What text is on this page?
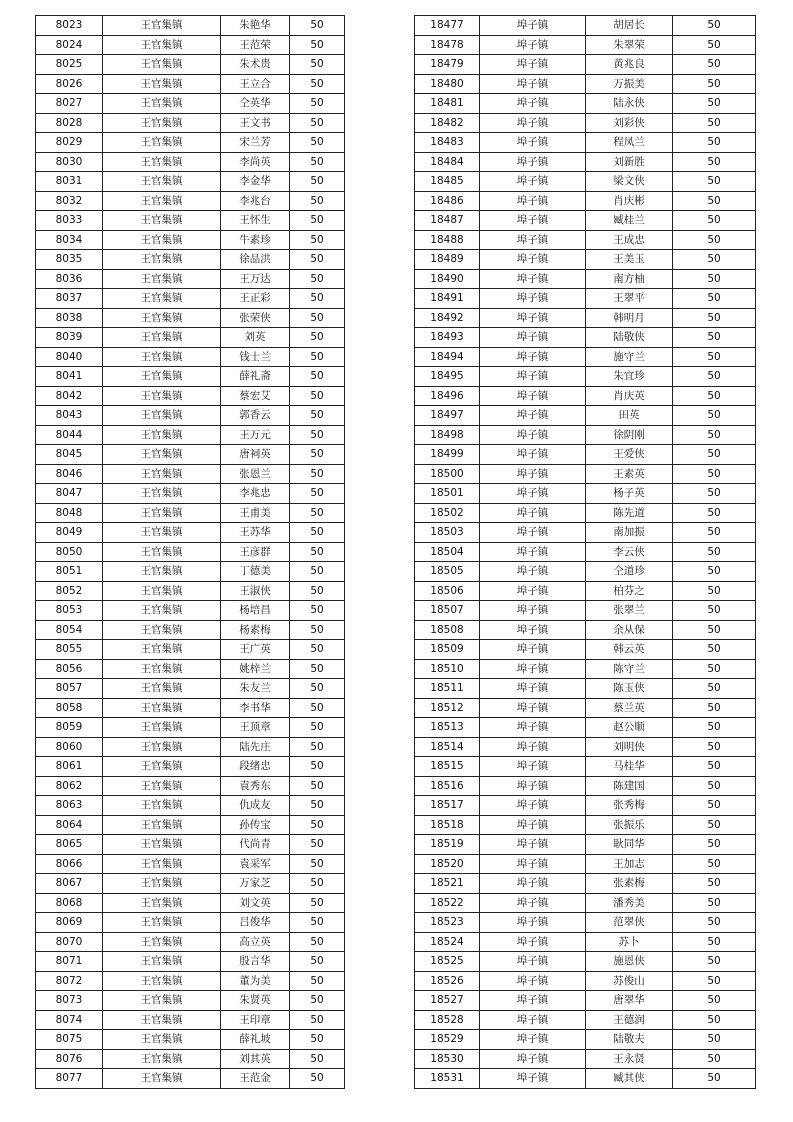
8023	王官集镇	朱艳华	50
8024	王官集镇	王范荣	50
8025	王官集镇	朱术贵	50
8026	王官集镇	王立合	50
8027	王官集镇	仝英华	50
8028	王官集镇	王文书	50
8029	王官集镇	宋兰芳	50
8030	王官集镇	李尚英	50
8031	王官集镇	李金华	50
8032	王官集镇	李兆台	50
8033	王官集镇	王怀生	50
8034	王官集镇	牛素珍	50
8035	王官集镇	徐品洪	50
8036	王官集镇	王万达	50
8037	王官集镇	王正彩	50
8038	王官集镇	张荣侠	50
8039	王官集镇	刘英	50
8040	王官集镇	钱士兰	50
8041	王官集镇	薛礼斋	50
8042	王官集镇	蔡宏艾	50
8043	王官集镇	郭香云	50
8044	王官集镇	王万元	50
8045	王官集镇	唐祠英	50
8046	王官集镇	张恩兰	50
8047	王官集镇	李兆忠	50
8048	王官集镇	王甫美	50
8049	王官集镇	王苏华	50
8050	王官集镇	王彦群	50
8051	王官集镇	丁德美	50
8052	王官集镇	王淑侠	50
8053	王官集镇	杨培昌	50
8054	王官集镇	杨素梅	50
8055	王官集镇	王广英	50
8056	王官集镇	姚梓兰	50
8057	王官集镇	朱友兰	50
8058	王官集镇	李书华	50
8059	王官集镇	王顶章	50
8060	王官集镇	陆先庄	50
8061	王官集镇	段绪忠	50
8062	王官集镇	袁秀东	50
8063	王官集镇	仇成友	50
8064	王官集镇	孙传宝	50
8065	王官集镇	代尚青	50
8066	王官集镇	袁采军	50
8067	王官集镇	万家芝	50
8068	王官集镇	刘文英	50
8069	王官集镇	吕俊华	50
8070	王官集镇	高立英	50
8071	王官集镇	殷言华	50
8072	王官集镇	董为美	50
8073	王官集镇	朱贤英	50
8074	王官集镇	王印章	50
8075	王官集镇	薛礼坡	50
8076	王官集镇	刘其英	50
8077	王官集镇	王范金	50
18477	埠子镇	胡居长	50
18478	埠子镇	朱翠荣	50
18479	埠子镇	黄兆良	50
18480	埠子镇	万振美	50
18481	埠子镇	陆永侠	50
18482	埠子镇	刘彩侠	50
18483	埠子镇	程凤兰	50
18484	埠子镇	刘新胜	50
18485	埠子镇	梁文侠	50
18486	埠子镇	肖庆彬	50
18487	埠子镇	臧桂兰	50
18488	埠子镇	王成忠	50
18489	埠子镇	王美玉	50
18490	埠子镇	南方柚	50
18491	埠子镇	王翠平	50
18492	埠子镇	韩明月	50
18493	埠子镇	陆敬侠	50
18494	埠子镇	施守兰	50
18495	埠子镇	朱宜珍	50
18496	埠子镇	肖庆英	50
18497	埠子镇	田英	50
18498	埠子镇	徐阴刚	50
18499	埠子镇	王爱侠	50
18500	埠子镇	王素英	50
18501	埠子镇	杨子英	50
18502	埠子镇	陈先道	50
18503	埠子镇	南加振	50
18504	埠子镇	李云侠	50
18505	埠子镇	仝道珍	50
18506	埠子镇	柏芬之	50
18507	埠子镇	张翠兰	50
18508	埠子镇	余从保	50
18509	埠子镇	韩云英	50
18510	埠子镇	陈守兰	50
18511	埠子镇	陈玉侠	50
18512	埠子镇	蔡兰英	50
18513	埠子镇	赵公顺	50
18514	埠子镇	刘明侠	50
18515	埠子镇	马桂华	50
18516	埠子镇	陈建国	50
18517	埠子镇	张秀梅	50
18518	埠子镇	张振乐	50
18519	埠子镇	耿同华	50
18520	埠子镇	王加志	50
18521	埠子镇	张素梅	50
18522	埠子镇	潘秀美	50
18523	埠子镇	范翠侠	50
18524	埠子镇	苏卜	50
18525	埠子镇	施恩侠	50
18526	埠子镇	苏俊山	50
18527	埠子镇	唐翠华	50
18528	埠子镇	王德润	50
18529	埠子镇	陆敬夫	50
18530	埠子镇	王永贤	50
18531	埠子镇	臧其侠	50
